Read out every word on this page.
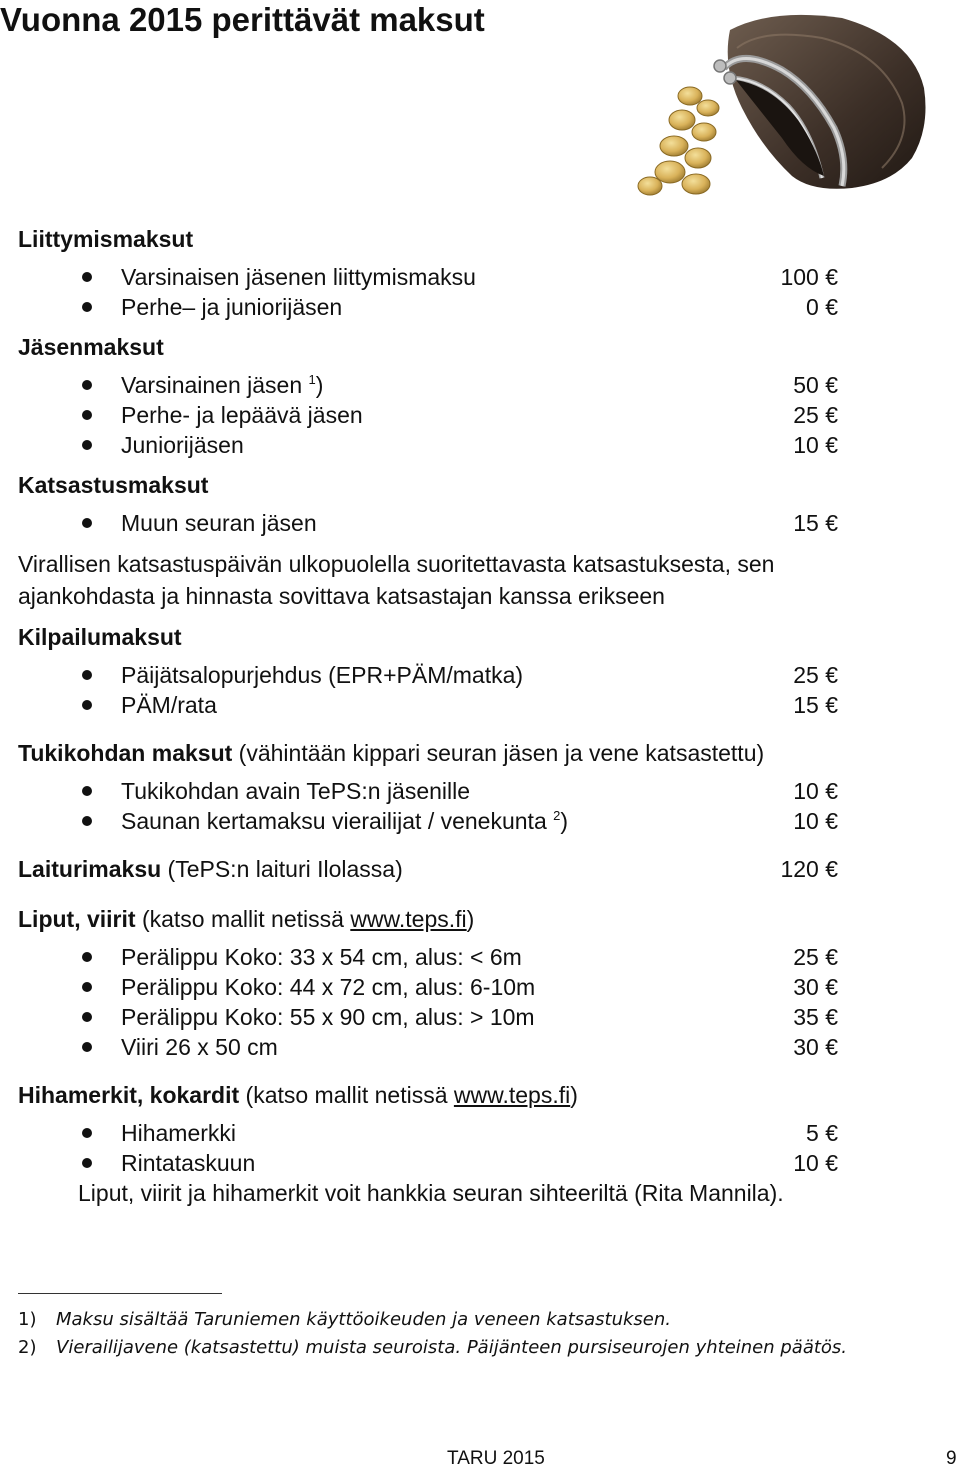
Vuonna 2015 perittävät maksut
Liittymismaksut
Varsinaisen jäsenen liittymismaksu	100 €
Perhe– ja juniorijäsen	0 €
Jäsenmaksut
Varsinainen jäsen $^1$)	50 €
Perhe- ja lepäävä jäsen	25 €
Juniorijäsen	10 €
Katsastusmaksut
Muun seuran jäsen	15 €
Virallisen katsastuspäivän ulkopuolella suoritettavasta katsastuksesta, sen
ajankohdasta ja hinnasta sovittava katsastajan kanssa erikseen
Kilpailumaksut
Päijätsalopurjehdus (EPR+PÄM/matka)	25 €
PÄM/rata	15 €
Tukikohdan maksut (vähintään kippari seuran jäsen ja vene katsastettu)
Tukikohdan avain TePS:n jäsenille	10 €
Saunan kertamaksu vierailijat / venekunta $^2$)	10 €
Laiturimaksu (TePS:n laituri Ilolassa)	120 €
Liput, viirit (katso mallit netissä www.teps.fi)
Perälippu Koko: 33 x 54 cm, alus: < 6m	25 €
Perälippu Koko: 44 x 72 cm, alus: 6-10m	30 €
Perälippu Koko: 55 x 90 cm, alus: > 10m	35 €
Viiri 26 x 50 cm	30 €
Hihamerkit, kokardit (katso mallit netissä www.teps.fi)
Hihamerkki	5 €
Rintataskuun	10 €
Liput, viirit ja hihamerkit voit hankkia seuran sihteeriltä (Rita Mannila).
1) Maksu sisältää Taruniemen käyttöoikeuden ja veneen katsastuksen.
2) Vierailijavene (katsastettu) muista seuroista. Päijänteen pursiseurojen yhteinen päätös.
TARU 2015	9
